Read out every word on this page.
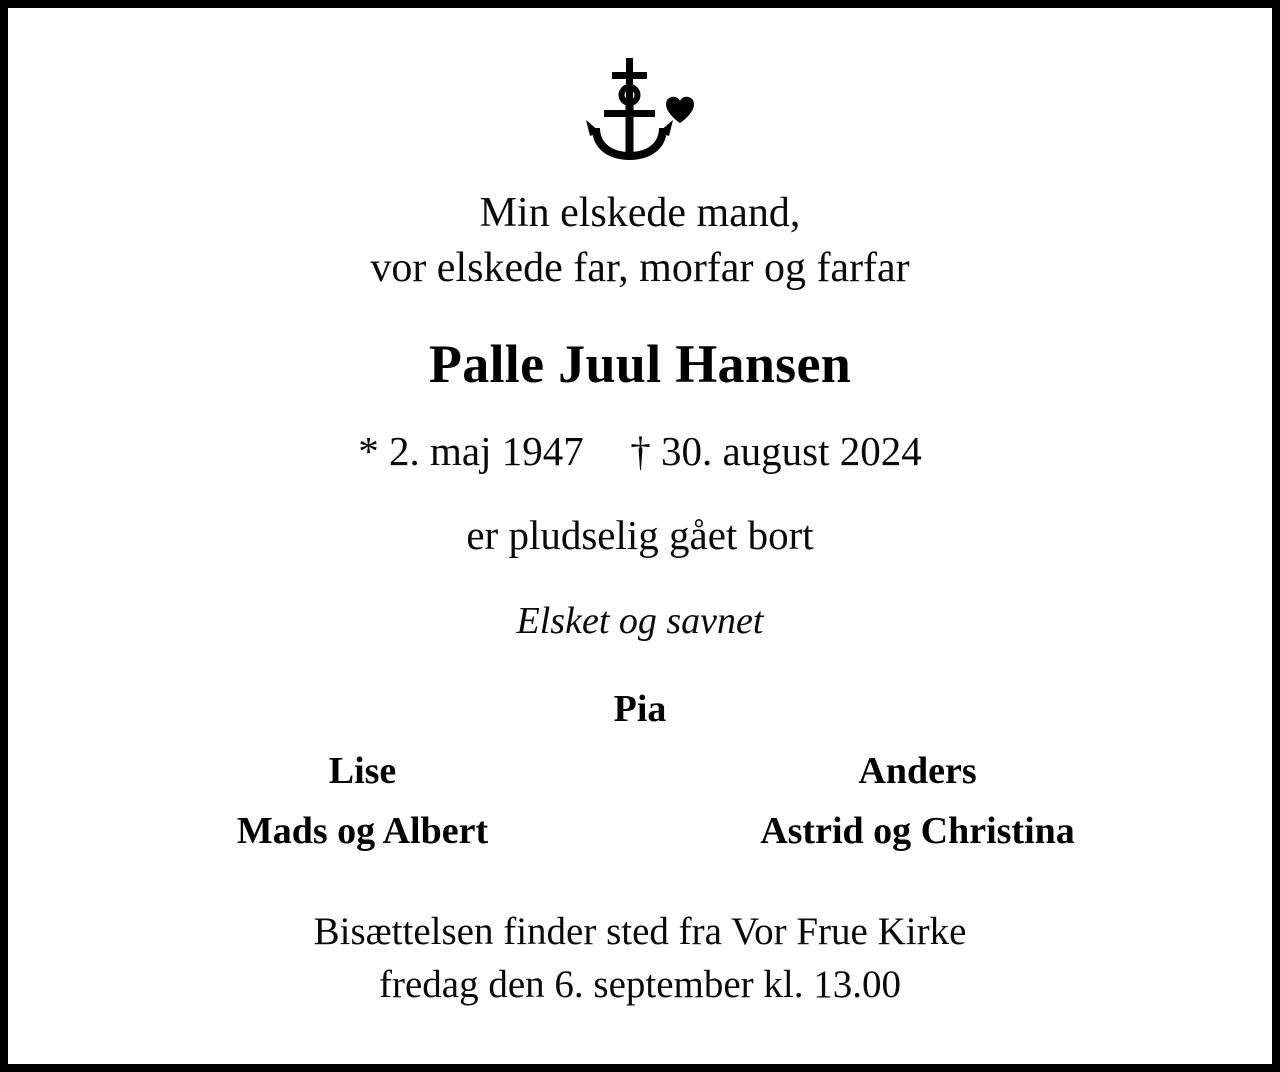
Min elskede mand,
vor elskede far, morfar og farfar
Palle Juul Hansen
* 2. maj 1947 † 30. august 2024
er pludselig gået bort
Elsket og savnet
Pia
Lise	Anders
Mads og Albert	Astrid og Christina
Bisættelsen finder sted fra Vor Frue Kirke
fredag den 6. september kl. 13.00
